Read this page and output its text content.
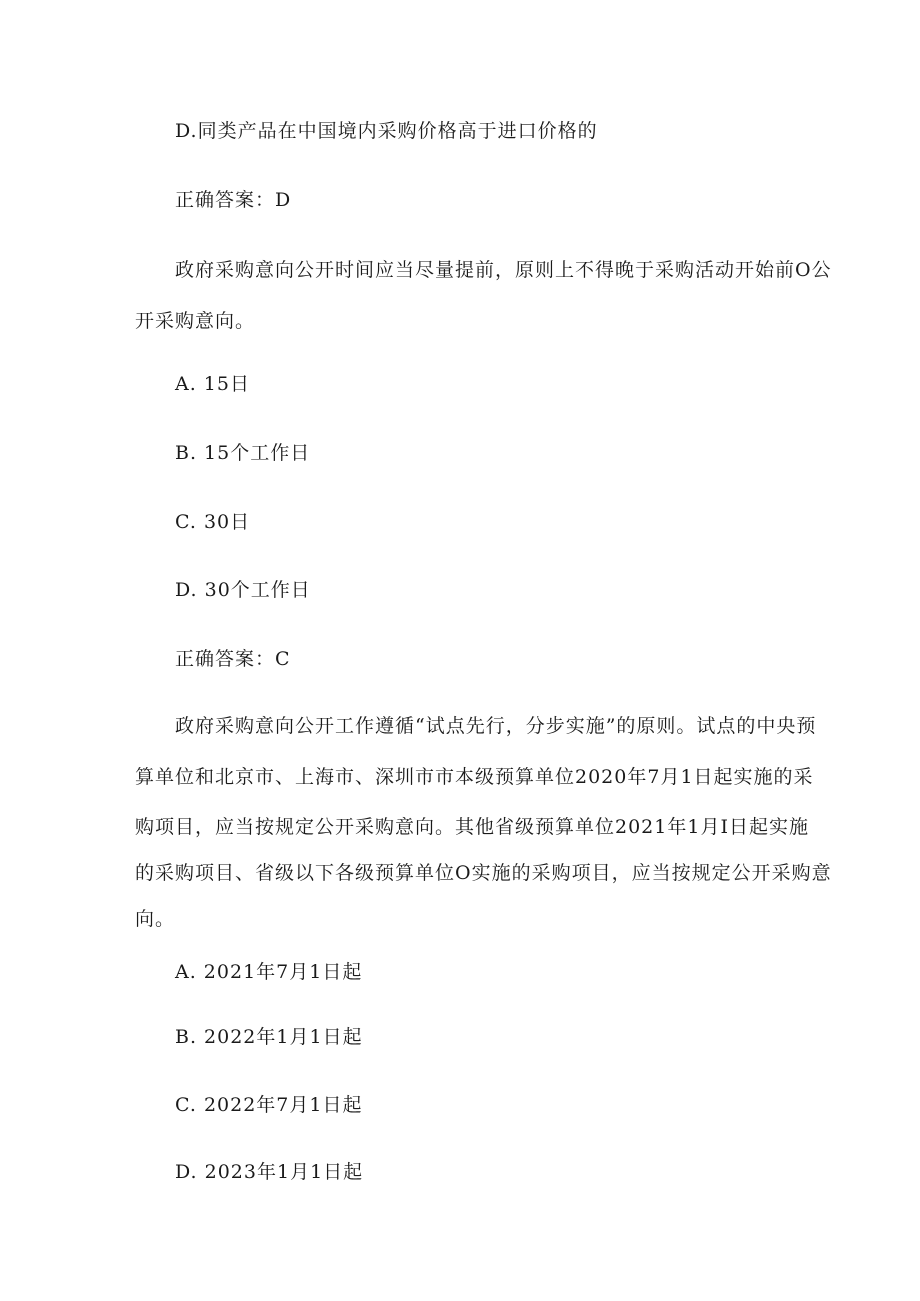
D.同类产品在中国境内采购价格高于进口价格的
正确答案：D
政府采购意向公开时间应当尽量提前，原则上不得晚于采购活动开始前O公
开采购意向。
A. 15日
B. 15个工作日
C. 30日
D. 30个工作日
正确答案：C
政府采购意向公开工作遵循“试点先行，分步实施”的原则。试点的中央预
算单位和北京市、上海市、深圳市市本级预算单位2020年7月1日起实施的采
购项目，应当按规定公开采购意向。其他省级预算单位2021年1月I日起实施
的采购项目、省级以下各级预算单位O实施的采购项目，应当按规定公开采购意
向。
A. 2021年7月1日起
B. 2022年1月1日起
C. 2022年7月1日起
D. 2023年1月1日起
